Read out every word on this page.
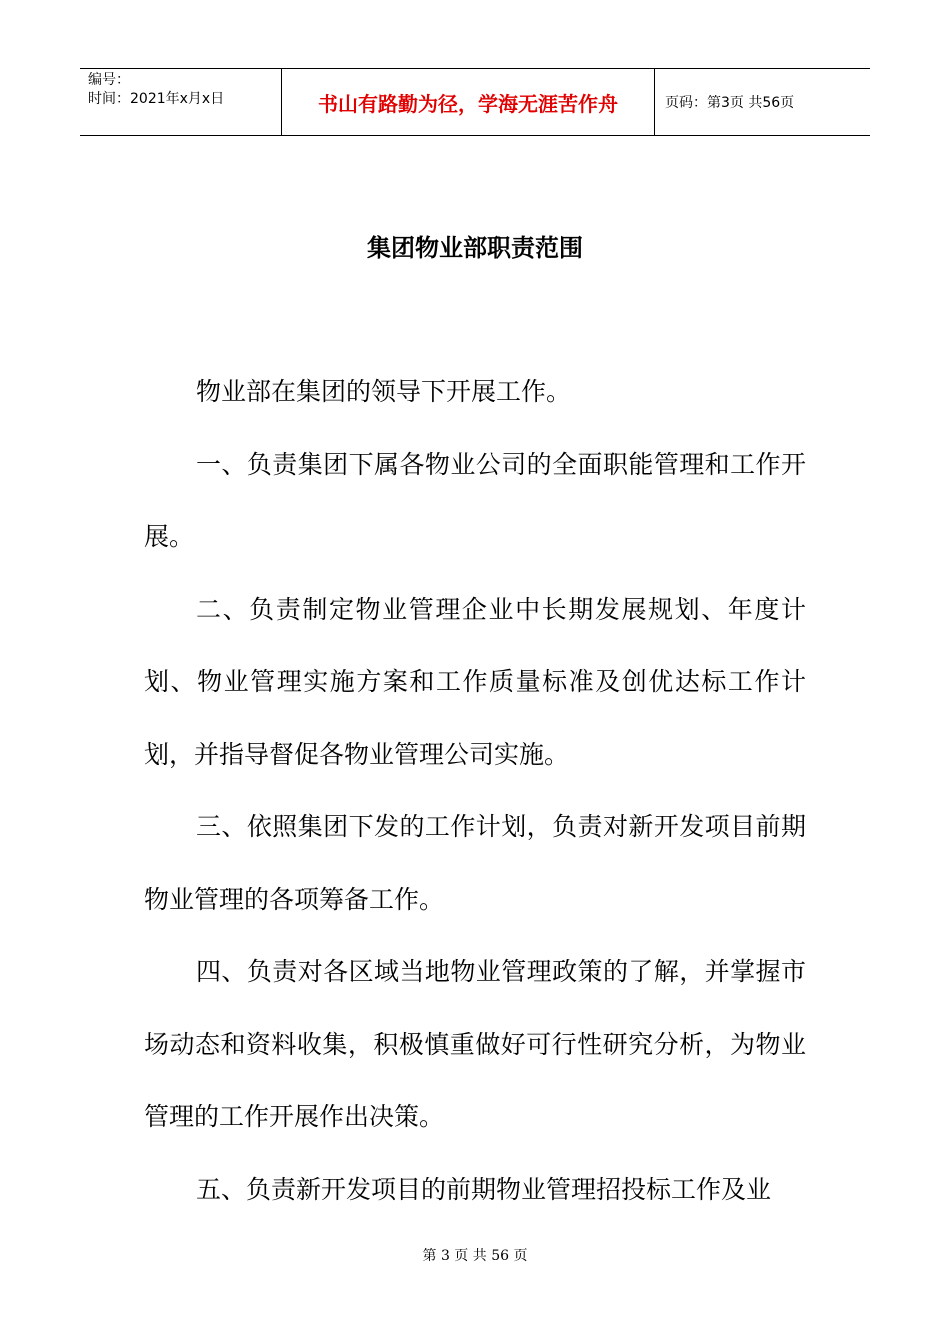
编号：
时间：2021年x月x日	书山有路勤为径，学海无涯苦作舟	页码：第3页 共56页
集团物业部职责范围

物业部在集团的领导下开展工作。

一、负责集团下属各物业公司的全面职能管理和工作开展。

二、负责制定物业管理企业中长期发展规划、年度计划、物业管理实施方案和工作质量标准及创优达标工作计划，并指导督促各物业管理公司实施。

三、依照集团下发的工作计划，负责对新开发项目前期物业管理的各项筹备工作。

四、负责对各区域当地物业管理政策的了解，并掌握市场动态和资料收集，积极慎重做好可行性研究分析，为物业管理的工作开展作出决策。

五、负责新开发项目的前期物业管理招投标工作及业

第 3 页 共 56 页
